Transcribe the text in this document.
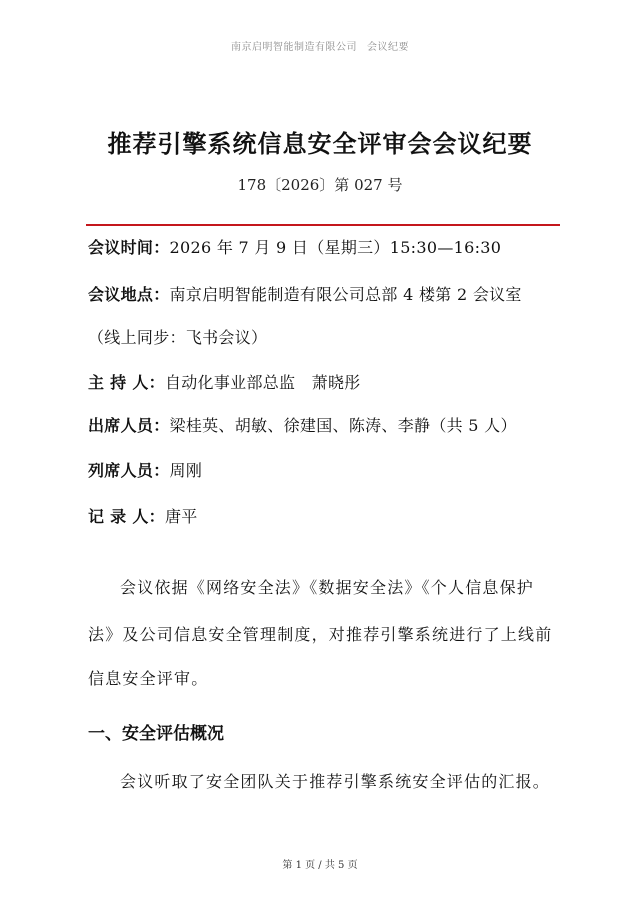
南京启明智能制造有限公司 会议纪要
推荐引擎系统信息安全评审会会议纪要
178〔2026〕第 027 号
会议时间：2026 年 7 月 9 日（星期三）15:30—16:30
会议地点：南京启明智能制造有限公司总部 4 楼第 2 会议室
（线上同步：飞书会议）
主 持 人：自动化事业部总监　萧晓彤
出席人员：梁桂英、胡敏、徐建国、陈涛、李静（共 5 人）
列席人员：周刚
记 录 人：唐平
会议依据《网络安全法》《数据安全法》《个人信息保护
法》及公司信息安全管理制度，对推荐引擎系统进行了上线前
信息安全评审。
一、安全评估概况
会议听取了安全团队关于推荐引擎系统安全评估的汇报。
第 1 页 / 共 5 页
